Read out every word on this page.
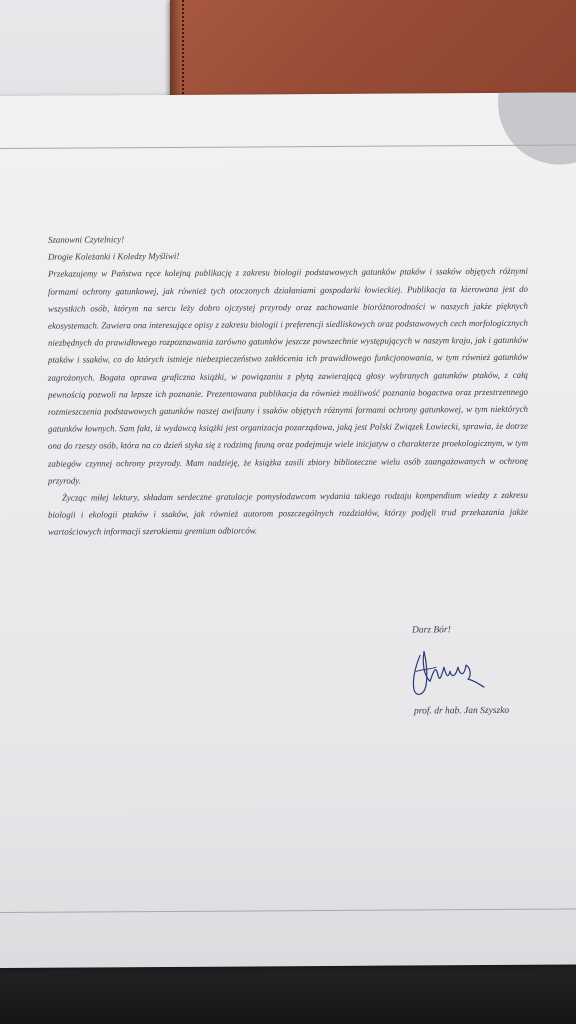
Szanowni Czytelnicy!
Drogie Koleżanki i Koledzy Myśliwi!

Przekazujemy w Państwa ręce kolejną publikację z zakresu biologii podstawowych gatunków ptaków i ssaków objętych różnymi formami ochrony gatunkowej, jak również tych otoczonych działaniami gospodarki łowieckiej. Publikacja ta kierowana jest do wszystkich osób, którym na sercu leży dobro ojczystej przyrody oraz zachowanie bioróżnorodności w naszych jakże pięknych ekosystemach. Zawiera ona interesujące opisy z zakresu biologii i preferencji siedliskowych oraz podstawowych cech morfologicznych niezbędnych do prawidłowego rozpoznawania zarówno gatunków jeszcze powszechnie występujących w naszym kraju, jak i gatunków ptaków i ssaków, co do których istnieje niebezpieczeństwo zakłócenia ich prawidłowego funkcjonowania, w tym również gatunków zagrożonych. Bogata oprawa graficzna książki, w powiązaniu z płytą zawierającą głosy wybranych gatunków ptaków, z całą pewnością pozwoli na lepsze ich poznanie. Prezentowana publikacja da również możliwość poznania bogactwa oraz przestrzennego rozmieszczenia podstawowych gatunków naszej awifauny i ssaków objętych różnymi formami ochrony gatunkowej, w tym niektórych gatunków łownych. Sam fakt, iż wydawcą książki jest organizacja pozarządowa, jaką jest Polski Związek Łowiecki, sprawia, że dotrze ona do rzeszy osób, która na co dzień styka się z rodzimą fauną oraz podejmuje wiele inicjatyw o charakterze proekologicznym, w tym zabiegów czynnej ochrony przyrody. Mam nadzieję, że książka zasili zbiory biblioteczne wielu osób zaangażowanych w ochronę przyrody.

Życząc miłej lektury, składam serdeczne gratulacje pomysłodawcom wydania takiego rodzaju kompendium wiedzy z zakresu biologii i ekologii ptaków i ssaków, jak również autorom poszczególnych rozdziałów, którzy podjęli trud przekazania jakże wartościowych informacji szerokiemu gremium odbiorców.

Darz Bór!
prof. dr hab. Jan Szyszko
